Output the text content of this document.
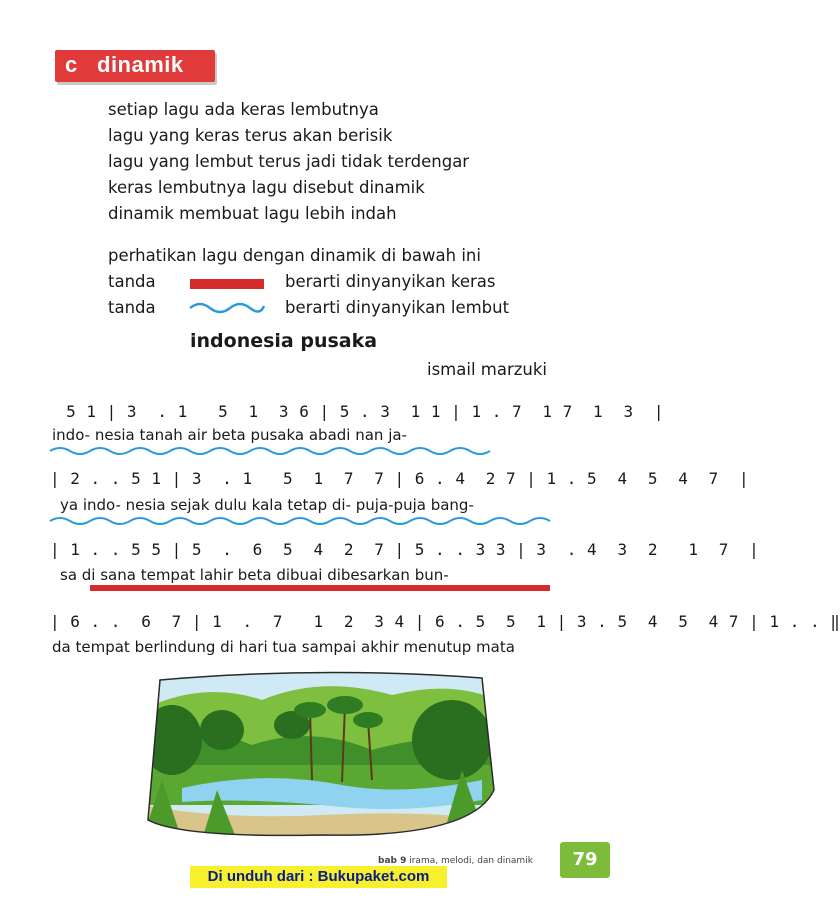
c dinamik
setiap lagu ada keras lembutnya
lagu yang keras terus akan berisik
lagu yang lembut terus jadi tidak terdengar
keras lembutnya lagu disebut dinamik
dinamik membuat lagu lebih indah
perhatikan lagu dengan dinamik di bawah ini
tanda	berarti dinyanyikan keras
tanda	berarti dinyanyikan lembut
indonesia pusaka
ismail marzuki
5 1 | 3  . 1   5  1  3 6 | 5 . 3  1 1 | 1 . 7  1 7  1  3  |
indo- nesia tanah air beta pusaka abadi nan ja-
| 2 . . 5 1 | 3  . 1   5  1  7  7 | 6 . 4  2 7 | 1 . 5  4  5  4  7  |
ya indo- nesia sejak dulu kala tetap di- puja-puja bang-
| 1 . . 5 5 | 5  .  6  5  4  2  7 | 5 . . 3 3 | 3  . 4  3  2   1  7  |
sa di sana tempat lahir beta dibuai dibesarkan bun-
| 6 . .  6  7 | 1  .  7   1  2  3 4 | 6 . 5  5  1 | 3 . 5  4  5  4 7 | 1 . . ‖
da tempat berlindung di hari tua sampai akhir menutup mata
bab 9 irama, melodi, dan dinamik	79
Di unduh dari : Bukupaket.com
